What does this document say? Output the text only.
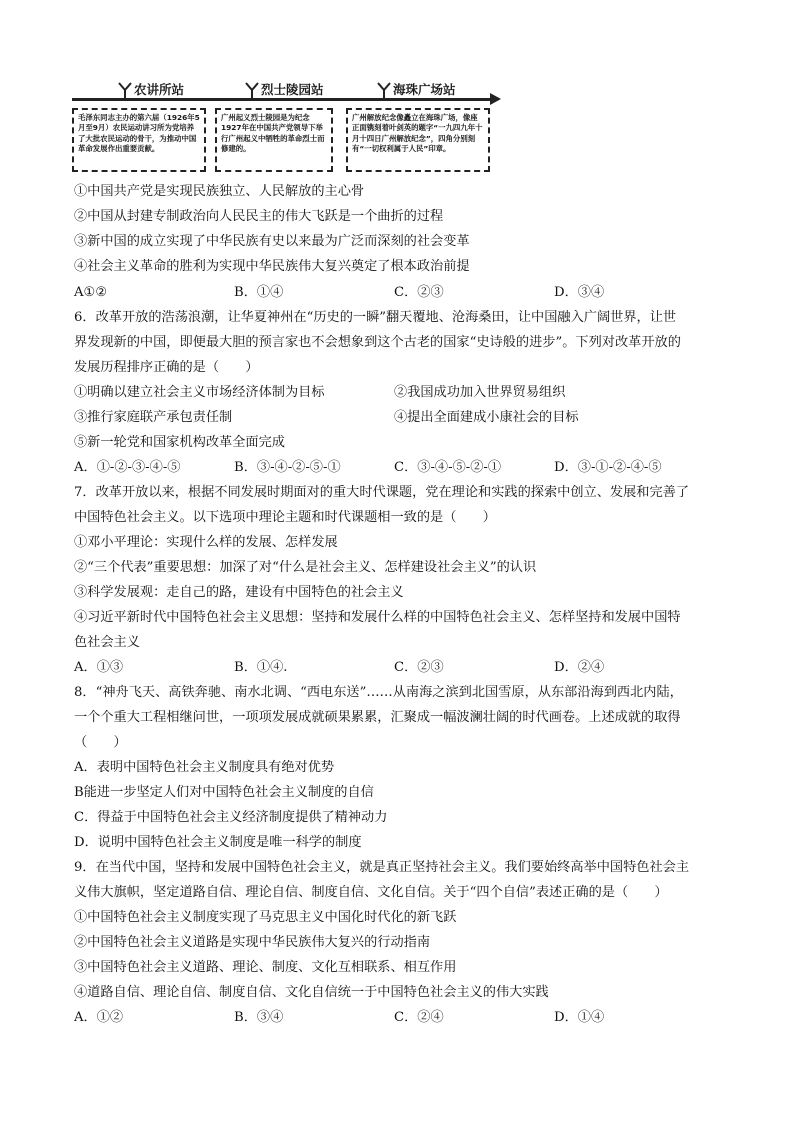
农讲所站	烈士陵园站	海珠广场站
毛泽东同志主办的第六届（1926年5月至9月）农民运动讲习所为党培养了大批农民运动的骨干，为推动中国革命发展作出重要贡献。
广州起义烈士陵园是为纪念1927年在中国共产党领导下举行广州起义中牺牲的革命烈士而修建的。
广州解放纪念像矗立在海珠广场，像座正面镌刻着叶剑英的题字“一九四九年十月十四日广州解放纪念”，四角分别刻有“一切权利属于人民”印章。
①中国共产党是实现民族独立、人民解放的主心骨
②中国从封建专制政治向人民民主的伟大飞跃是一个曲折的过程
③新中国的成立实现了中华民族有史以来最为广泛而深刻的社会变革
④社会主义革命的胜利为实现中华民族伟大复兴奠定了根本政治前提
A①②	B．①④	C．②③	D．③④
6．改革开放的浩荡浪潮，让华夏神州在“历史的一瞬”翻天覆地、沧海桑田，让中国融入广阔世界，让世
界发现新的中国，即便最大胆的预言家也不会想象到这个古老的国家“史诗般的进步”。下列对改革开放的
发展历程排序正确的是（　　）
①明确以建立社会主义市场经济体制为目标	②我国成功加入世界贸易组织
③推行家庭联产承包责任制	④提出全面建成小康社会的目标
⑤新一轮党和国家机构改革全面完成
A．①-②-③-④-⑤	B．③-④-②-⑤-①	C．③-④-⑤-②-①	D．③-①-②-④-⑤
7．改革开放以来，根据不同发展时期面对的重大时代课题，党在理论和实践的探索中创立、发展和完善了
中国特色社会主义。以下选项中理论主题和时代课题相一致的是（　　）
①邓小平理论：实现什么样的发展、怎样发展
②“三个代表”重要思想：加深了对“什么是社会主义、怎样建设社会主义”的认识
③科学发展观：走自己的路，建设有中国特色的社会主义
④习近平新时代中国特色社会主义思想：坚持和发展什么样的中国特色社会主义、怎样坚持和发展中国特
色社会主义
A．①③	B．①④.	C．②③	D．②④
8．“神舟飞天、高铁奔驰、南水北调、“西电东送”……从南海之滨到北国雪原，从东部沿海到西北内陆，
一个个重大工程相继问世，一项项发展成就硕果累累，汇聚成一幅波澜壮阔的时代画卷。上述成就的取得
（　　）
A．表明中国特色社会主义制度具有绝对优势
B能进一步坚定人们对中国特色社会主义制度的自信
C．得益于中国特色社会主义经济制度提供了精神动力
D．说明中国特色社会主义制度是唯一科学的制度
9．在当代中国，坚持和发展中国特色社会主义，就是真正坚持社会主义。我们要始终高举中国特色社会主
义伟大旗帜，坚定道路自信、理论自信、制度自信、文化自信。关于“四个自信”表述正确的是（　　）
①中国特色社会主义制度实现了马克思主义中国化时代化的新飞跃
②中国特色社会主义道路是实现中华民族伟大复兴的行动指南
③中国特色社会主义道路、理论、制度、文化互相联系、相互作用
④道路自信、理论自信、制度自信、文化自信统一于中国特色社会主义的伟大实践
A．①②	B．③④	C．②④	D．①④
